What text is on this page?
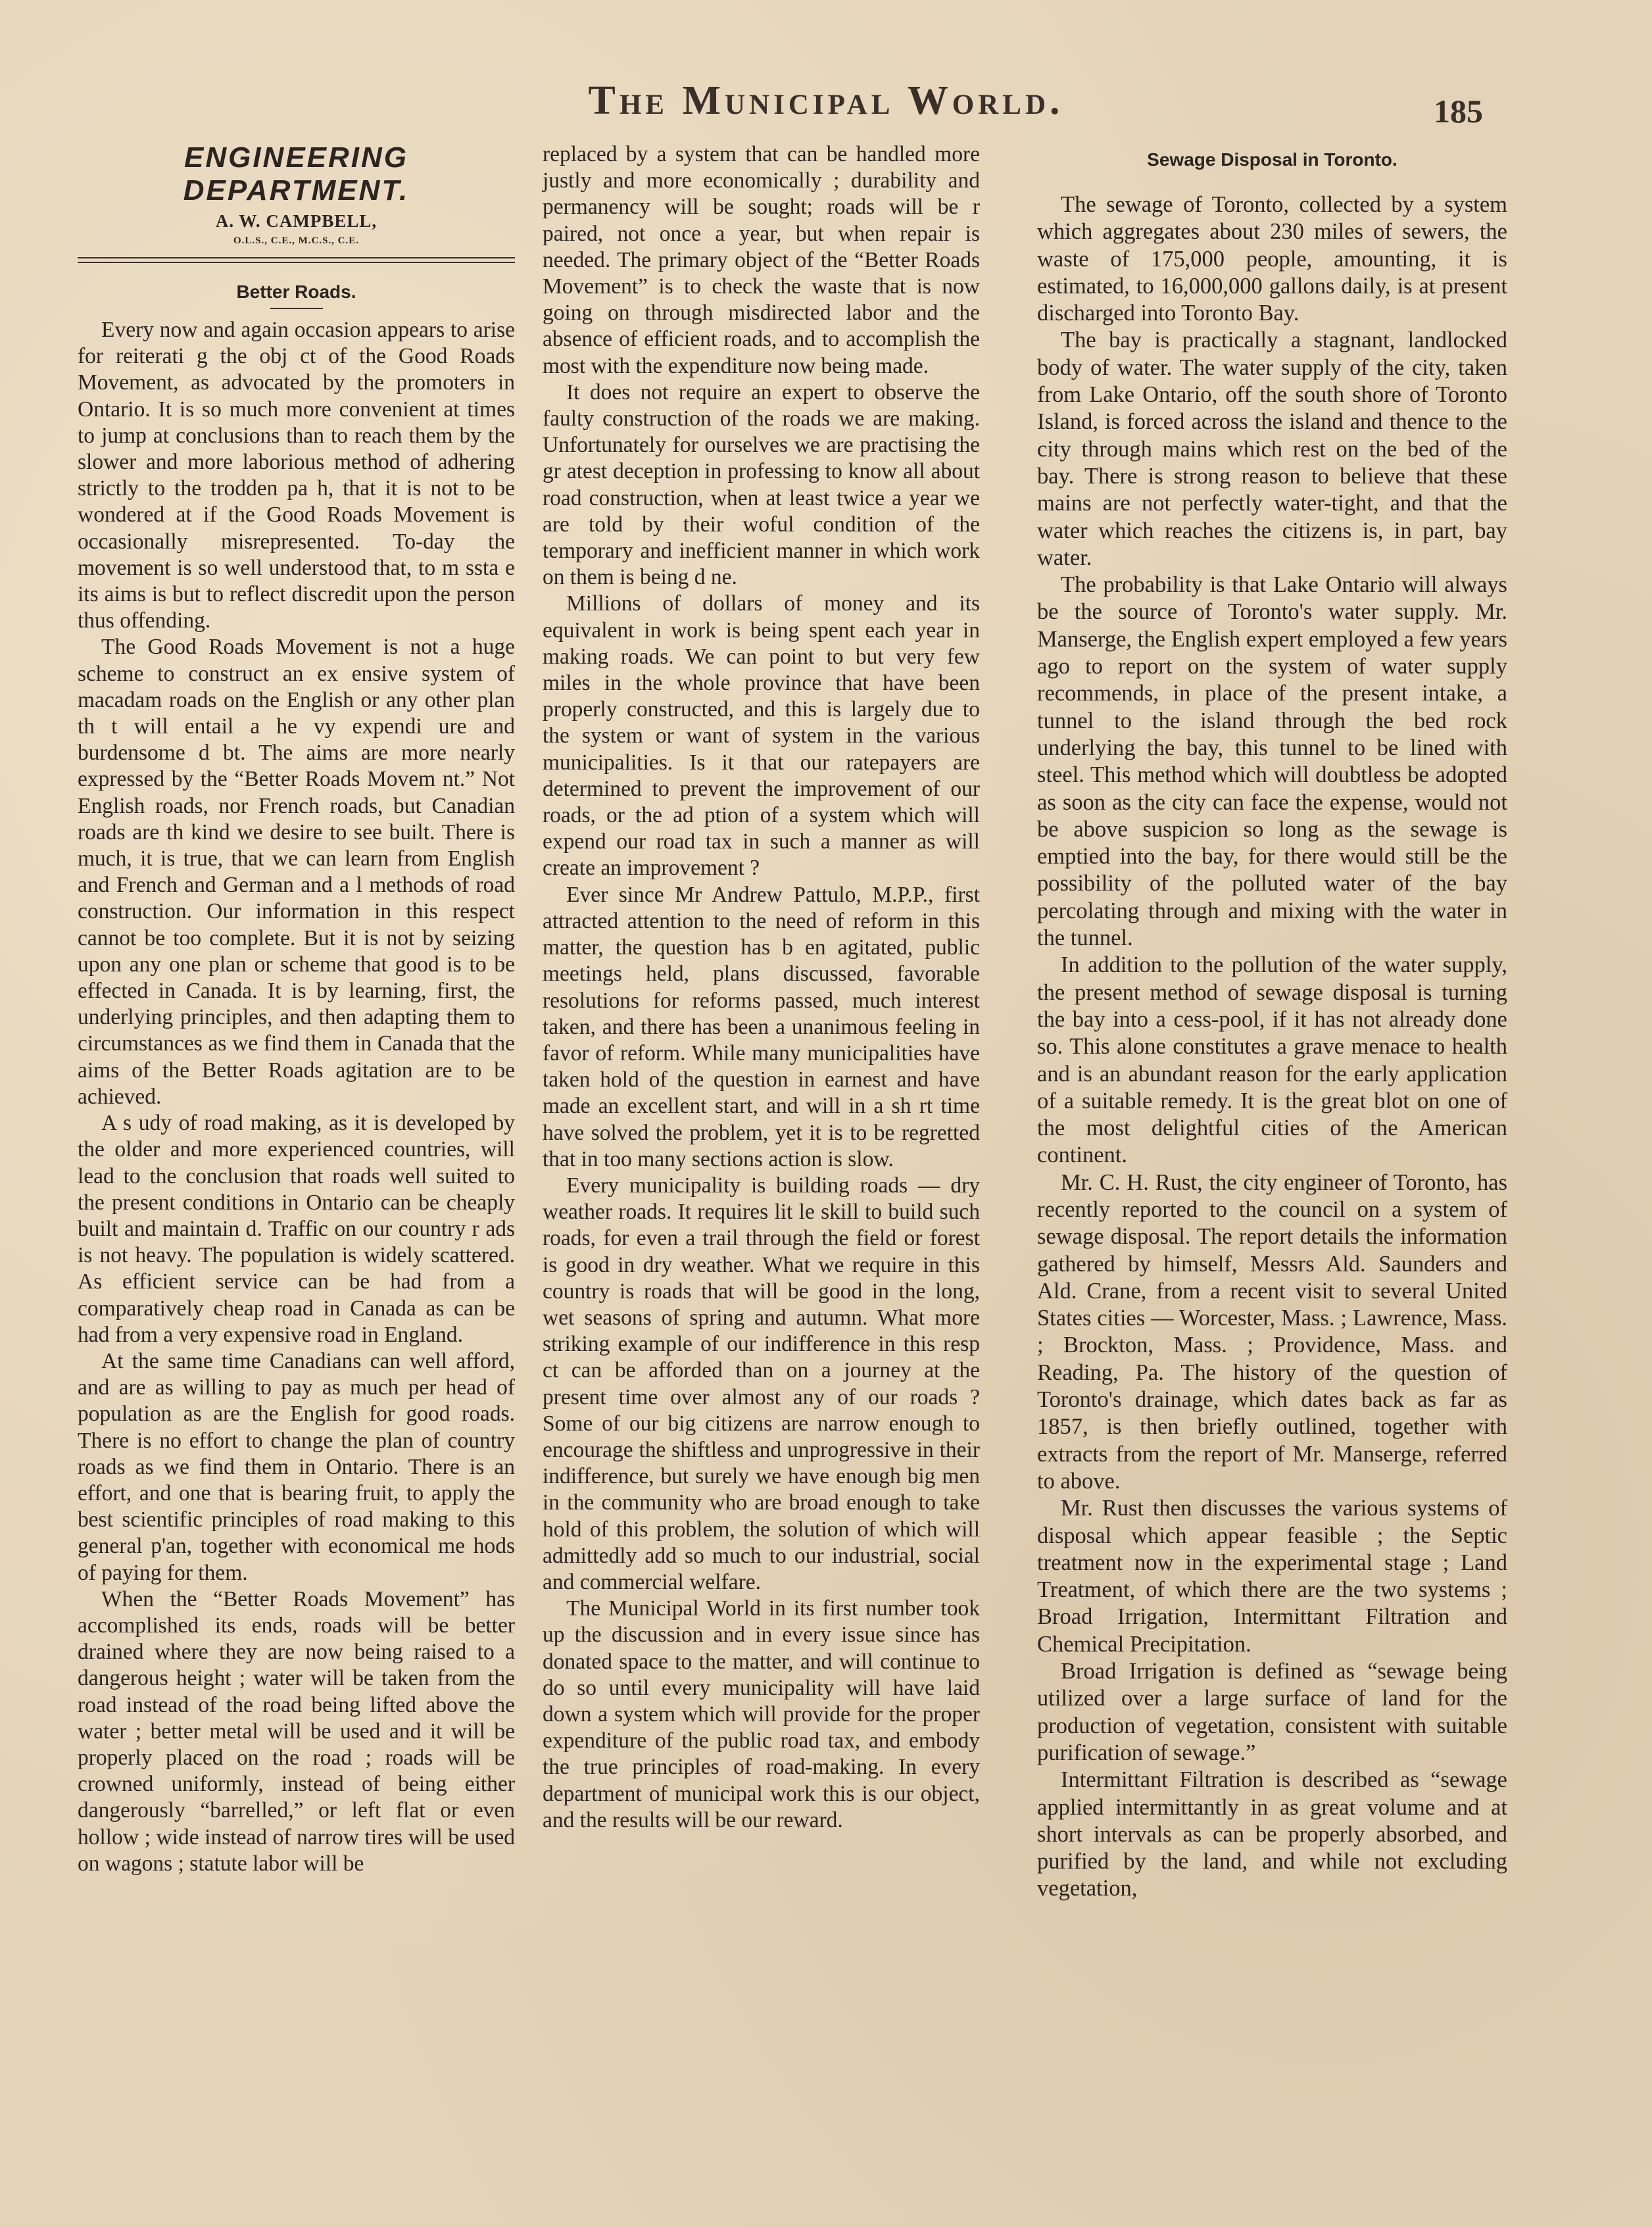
The Municipal World.	185
ENGINEERING DEPARTMENT.
A. W. CAMPBELL,
O.L.S., C.E., M.C.S., C.E.
Better Roads.

Every now and again occasion appears to arise for reiterati g the obj ct of the Good Roads Movement, as advocated by the promoters in Ontario. It is so much more convenient at times to jump at conclusions than to reach them by the slower and more laborious method of adhering strictly to the trodden pa h, that it is not to be wondered at if the Good Roads Movement is occasionally misrepresented. To-day the movement is so well understood that, to m ssta e its aims is but to reflect discredit upon the person thus offending.

The Good Roads Movement is not a huge scheme to construct an ex ensive system of macadam roads on the English or any other plan th t will entail a he vy expendi ure and burdensome d bt. The aims are more nearly expressed by the “Better Roads Movem nt.” Not English roads, nor French roads, but Canadian roads are th kind we desire to see built. There is much, it is true, that we can learn from English and French and German and a l methods of road construction. Our information in this respect cannot be too complete. But it is not by seizing upon any one plan or scheme that good is to be effected in Canada. It is by learning, first, the underlying principles, and then adapting them to circumstances as we find them in Canada that the aims of the Better Roads agitation are to be achieved.

A s udy of road making, as it is developed by the older and more experienced countries, will lead to the conclusion that roads well suited to the present conditions in Ontario can be cheaply built and maintain d. Traffic on our country r ads is not heavy. The population is widely scattered. As efficient service can be had from a comparatively cheap road in Canada as can be had from a very expensive road in England.

At the same time Canadians can well afford, and are as willing to pay as much per head of population as are the English for good roads. There is no effort to change the plan of country roads as we find them in Ontario. There is an effort, and one that is bearing fruit, to apply the best scientific principles of road making to this general p'an, together with economical me hods of paying for them.

When the “Better Roads Movement” has accomplished its ends, roads will be better drained where they are now being raised to a dangerous height ; water will be taken from the road instead of the road being lifted above the water ; better metal will be used and it will be properly placed on the road ; roads will be crowned uniformly, instead of being either dangerously “barrelled,” or left flat or even hollow ; wide instead of narrow tires will be used on wagons ; statute labor will be

replaced by a system that can be handled more justly and more economically ; durability and permanency will be sought; roads will be r paired, not once a year, but when repair is needed. The primary object of the “Better Roads Movement” is to check the waste that is now going on through misdirected labor and the absence of efficient roads, and to accomplish the most with the expenditure now being made.

It does not require an expert to observe the faulty construction of the roads we are making. Unfortunately for ourselves we are practising the gr atest deception in professing to know all about road construction, when at least twice a year we are told by their woful condition of the temporary and inefficient manner in which work on them is being d ne.

Millions of dollars of money and its equivalent in work is being spent each year in making roads. We can point to but very few miles in the whole province that have been properly constructed, and this is largely due to the system or want of system in the various municipalities. Is it that our ratepayers are determined to prevent the improvement of our roads, or the ad ption of a system which will expend our road tax in such a manner as will create an improvement ?

Ever since Mr Andrew Pattulo, M.P.P., first attracted attention to the need of reform in this matter, the question has b en agitated, public meetings held, plans discussed, favorable resolutions for reforms passed, much interest taken, and there has been a unanimous feeling in favor of reform. While many municipalities have taken hold of the question in earnest and have made an excellent start, and will in a sh rt time have solved the problem, yet it is to be regretted that in too many sections action is slow.

Every municipality is building roads — dry weather roads. It requires lit le skill to build such roads, for even a trail through the field or forest is good in dry weather. What we require in this country is roads that will be good in the long, wet seasons of spring and autumn. What more striking example of our indifference in this resp ct can be afforded than on a journey at the present time over almost any of our roads ? Some of our big citizens are narrow enough to encourage the shiftless and unprogressive in their indifference, but surely we have enough big men in the community who are broad enough to take hold of this problem, the solution of which will admittedly add so much to our industrial, social and commercial welfare.

The Municipal World in its first number took up the discussion and in every issue since has donated space to the matter, and will continue to do so until every municipality will have laid down a system which will provide for the proper expenditure of the public road tax, and embody the true principles of road-making. In every department of municipal work this is our object, and the results will be our reward.

Sewage Disposal in Toronto.

The sewage of Toronto, collected by a system which aggregates about 230 miles of sewers, the waste of 175,000 people, amounting, it is estimated, to 16,000,000 gallons daily, is at present discharged into Toronto Bay.

The bay is practically a stagnant, landlocked body of water. The water supply of the city, taken from Lake Ontario, off the south shore of Toronto Island, is forced across the island and thence to the city through mains which rest on the bed of the bay. There is strong reason to believe that these mains are not perfectly water-tight, and that the water which reaches the citizens is, in part, bay water.

The probability is that Lake Ontario will always be the source of Toronto's water supply. Mr. Manserge, the English expert employed a few years ago to report on the system of water supply recommends, in place of the present intake, a tunnel to the island through the bed rock underlying the bay, this tunnel to be lined with steel. This method which will doubtless be adopted as soon as the city can face the expense, would not be above suspicion so long as the sewage is emptied into the bay, for there would still be the possibility of the polluted water of the bay percolating through and mixing with the water in the tunnel.

In addition to the pollution of the water supply, the present method of sewage disposal is turning the bay into a cess-pool, if it has not already done so. This alone constitutes a grave menace to health and is an abundant reason for the early application of a suitable remedy. It is the great blot on one of the most delightful cities of the American continent.

Mr. C. H. Rust, the city engineer of Toronto, has recently reported to the council on a system of sewage disposal. The report details the information gathered by himself, Messrs Ald. Saunders and Ald. Crane, from a recent visit to several United States cities — Worcester, Mass. ; Lawrence, Mass. ; Brockton, Mass. ; Providence, Mass. and Reading, Pa. The history of the question of Toronto's drainage, which dates back as far as 1857, is then briefly outlined, together with extracts from the report of Mr. Manserge, referred to above.

Mr. Rust then discusses the various systems of disposal which appear feasible ; the Septic treatment now in the experimental stage ; Land Treatment, of which there are the two systems ; Broad Irrigation, Intermittant Filtration and Chemical Precipitation.

Broad Irrigation is defined as “sewage being utilized over a large surface of land for the production of vegetation, consistent with suitable purification of sewage.”

Intermittant Filtration is described as “sewage applied intermittantly in as great volume and at short intervals as can be properly absorbed, and purified by the land, and while not excluding vegetation,
